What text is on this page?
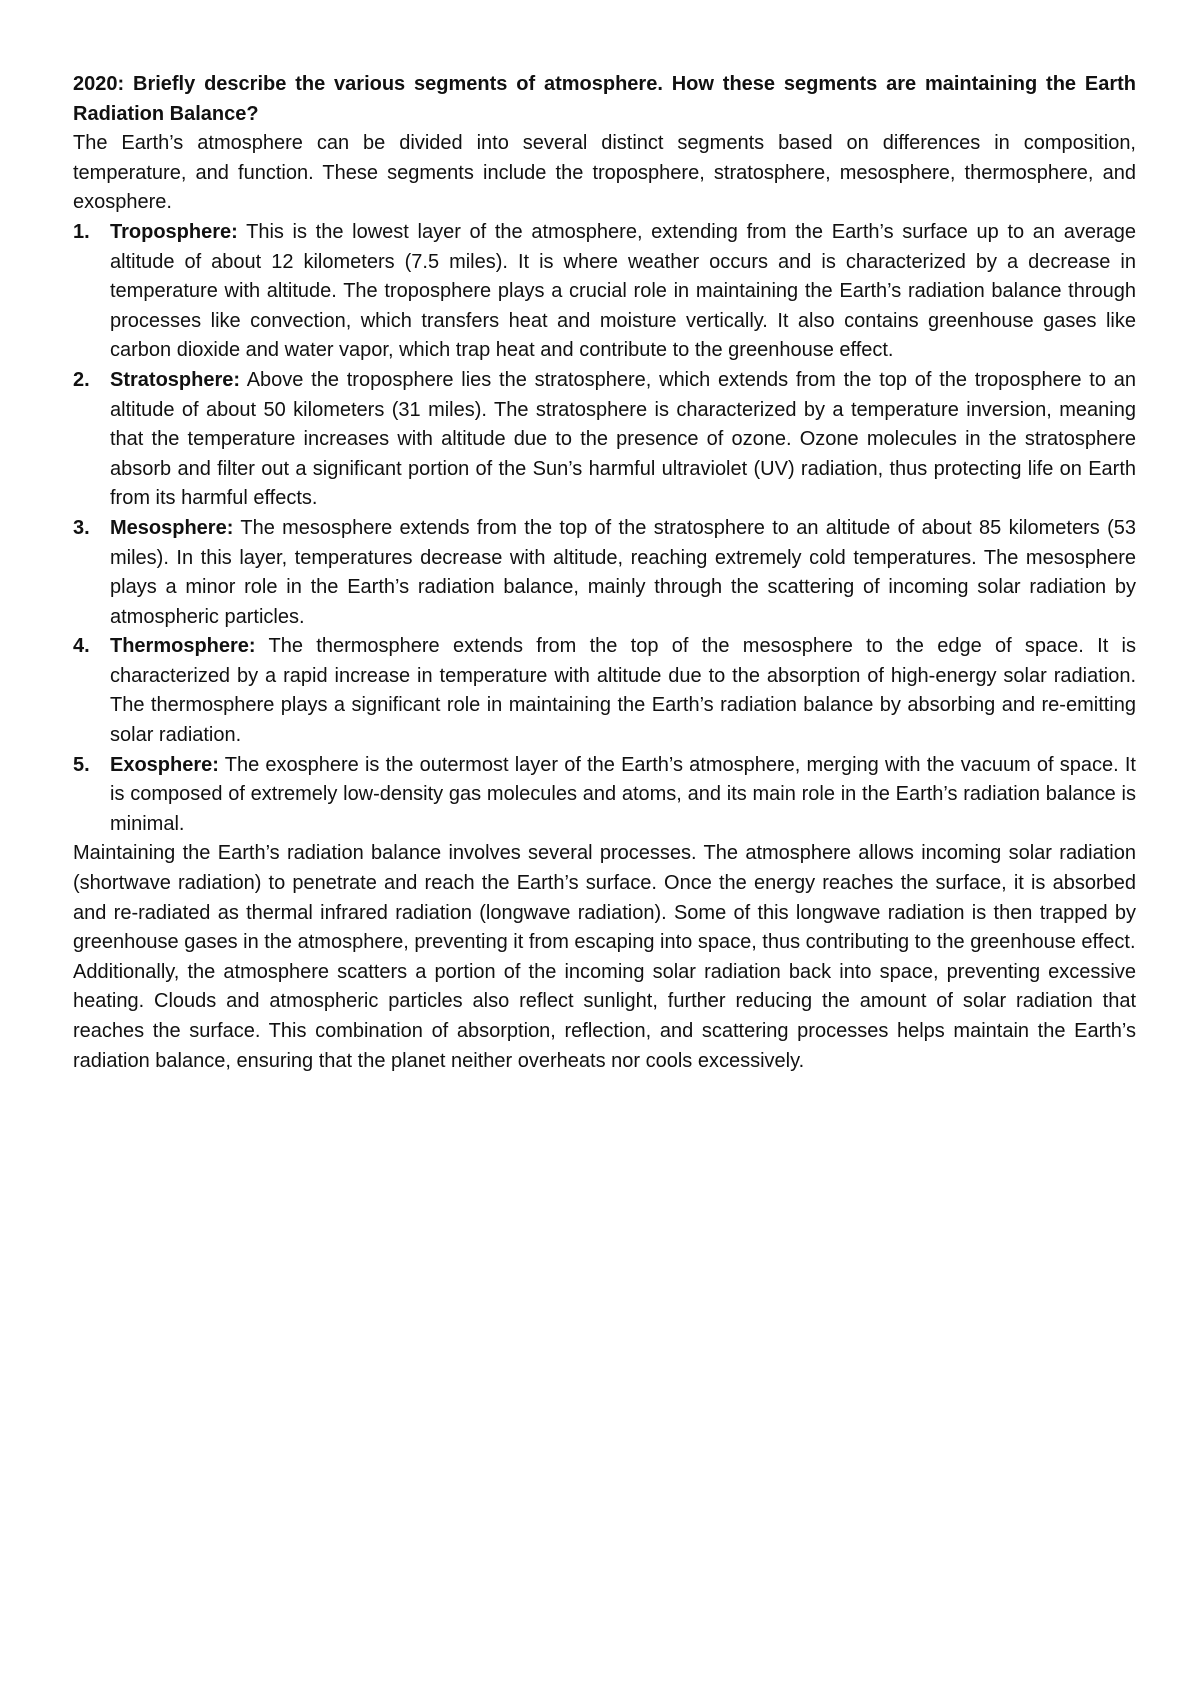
2020: Briefly describe the various segments of atmosphere. How these segments are maintaining the Earth Radiation Balance?

The Earth’s atmosphere can be divided into several distinct segments based on differences in composition, temperature, and function. These segments include the troposphere, stratosphere, mesosphere, thermosphere, and exosphere.

1. Troposphere: This is the lowest layer of the atmosphere, extending from the Earth’s surface up to an average altitude of about 12 kilometers (7.5 miles). It is where weather occurs and is characterized by a decrease in temperature with altitude. The troposphere plays a crucial role in maintaining the Earth’s radiation balance through processes like convection, which transfers heat and moisture vertically. It also contains greenhouse gases like carbon dioxide and water vapor, which trap heat and contribute to the greenhouse effect.
2. Stratosphere: Above the troposphere lies the stratosphere, which extends from the top of the troposphere to an altitude of about 50 kilometers (31 miles). The stratosphere is characterized by a temperature inversion, meaning that the temperature increases with altitude due to the presence of ozone. Ozone molecules in the stratosphere absorb and filter out a significant portion of the Sun’s harmful ultraviolet (UV) radiation, thus protecting life on Earth from its harmful effects.
3. Mesosphere: The mesosphere extends from the top of the stratosphere to an altitude of about 85 kilometers (53 miles). In this layer, temperatures decrease with altitude, reaching extremely cold temperatures. The mesosphere plays a minor role in the Earth’s radiation balance, mainly through the scattering of incoming solar radiation by atmospheric particles.
4. Thermosphere: The thermosphere extends from the top of the mesosphere to the edge of space. It is characterized by a rapid increase in temperature with altitude due to the absorption of high-energy solar radiation. The thermosphere plays a significant role in maintaining the Earth’s radiation balance by absorbing and re-emitting solar radiation.
5. Exosphere: The exosphere is the outermost layer of the Earth’s atmosphere, merging with the vacuum of space. It is composed of extremely low-density gas molecules and atoms, and its main role in the Earth’s radiation balance is minimal.

Maintaining the Earth’s radiation balance involves several processes. The atmosphere allows incoming solar radiation (shortwave radiation) to penetrate and reach the Earth’s surface. Once the energy reaches the surface, it is absorbed and re-radiated as thermal infrared radiation (longwave radiation). Some of this longwave radiation is then trapped by greenhouse gases in the atmosphere, preventing it from escaping into space, thus contributing to the greenhouse effect.

Additionally, the atmosphere scatters a portion of the incoming solar radiation back into space, preventing excessive heating. Clouds and atmospheric particles also reflect sunlight, further reducing the amount of solar radiation that reaches the surface. This combination of absorption, reflection, and scattering processes helps maintain the Earth’s radiation balance, ensuring that the planet neither overheats nor cools excessively.
